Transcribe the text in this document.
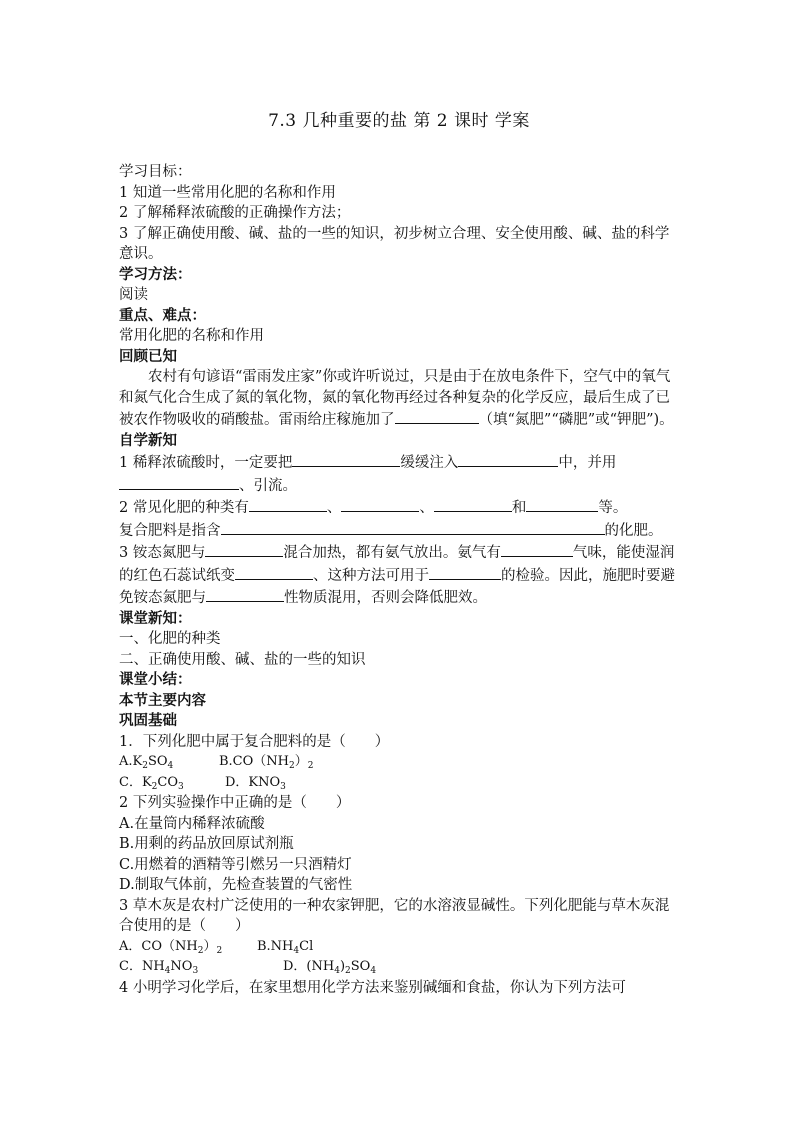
7.3 几种重要的盐 第 2 课时 学案

学习目标：

1 知道一些常用化肥的名称和作用

2 了解稀释浓硫酸的正确操作方法；

3 了解正确使用酸、碱、盐的一些的知识，初步树立合理、安全使用酸、碱、盐的科学意识。

学习方法：

阅读

重点、难点：

常用化肥的名称和作用

回顾已知

农村有句谚语“雷雨发庄家”你或许听说过，只是由于在放电条件下，空气中的氧气和氮气化合生成了氮的氧化物，氮的氧化物再经过各种复杂的化学反应，最后生成了已被农作物吸收的硝酸盐。雷雨给庄稼施加了	（填“氮肥”“磷肥”或“钾肥”)。

自学新知

1 稀释浓硫酸时，一定要把	缓缓注入	中，并用、引流。

2 常见化肥的种类有	、	、	和	等。

复合肥料是指含	的化肥。

3 铵态氮肥与	混合加热，都有氨气放出。氨气有	气味，能使湿润的红色石蕊试纸变	、这种方法可用于	的检验。因此，施肥时要避免铵态氮肥与	性物质混用，否则会降低肥效。

课堂新知：

一、化肥的种类

二、正确使用酸、碱、盐的一些的知识

课堂小结：

本节主要内容

巩固基础

1．下列化肥中属于复合肥料的是（　　）

$A.K_2SO_4$	$B.CO(NH_2)_2$

C．$K_2CO_3$	D．$KNO_3$

2 下列实验操作中正确的是（　　）

A.在量筒内稀释浓硫酸

B.用剩的药品放回原试剂瓶

C.用燃着的酒精等引燃另一只酒精灯

D.制取气体前，先检查装置的气密性

3 草木灰是农村广泛使用的一种农家钾肥，它的水溶液显碱性。下列化肥能与草木灰混合使用的是（　　）

A．$CO(NH_2)_2$	$B.NH_4Cl$

C．$NH_4NO_3$	D．$(NH_4)_2SO_4$

4 小明学习化学后，在家里想用化学方法来鉴别碱缅和食盐，你认为下列方法可
